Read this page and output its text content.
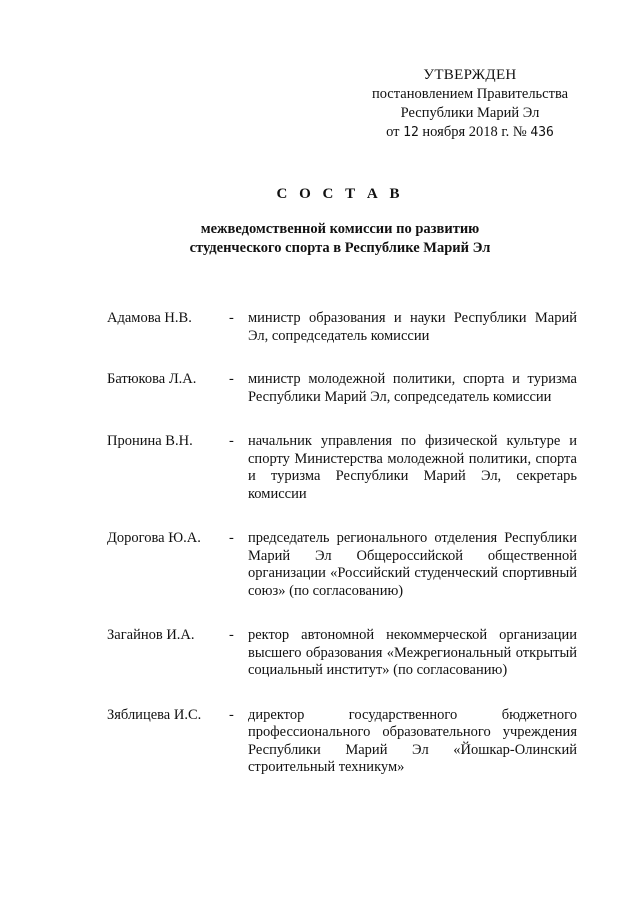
УТВЕРЖДЕН
постановлением Правительства
Республики Марий Эл
от 12 ноября 2018 г. № 436
С О С Т А В
межведомственной комиссии по развитию
студенческого спорта в Республике Марий Эл
Адамова Н.В.	- министр образования и науки Республики Марий Эл, сопредседатель комиссии
Батюкова Л.А.	- министр молодежной политики, спорта и туризма Республики Марий Эл, сопредседатель комиссии
Пронина В.Н.	- начальник управления по физической культуре и спорту Министерства молодежной политики, спорта и туризма Республики Марий Эл, секретарь комиссии
Дорогова Ю.А.	- председатель регионального отделения Республики Марий Эл Общероссийской общественной организации «Российский студенческий спортивный союз» (по согласованию)
Загайнов И.А.	- ректор автономной некоммерческой организации высшего образования «Межрегиональный открытый социальный институт» (по согласованию)
Зяблицева И.С.	- директор государственного бюджетного профессионального образовательного учреждения Республики Марий Эл «Йошкар-Олинский строительный техникум»
